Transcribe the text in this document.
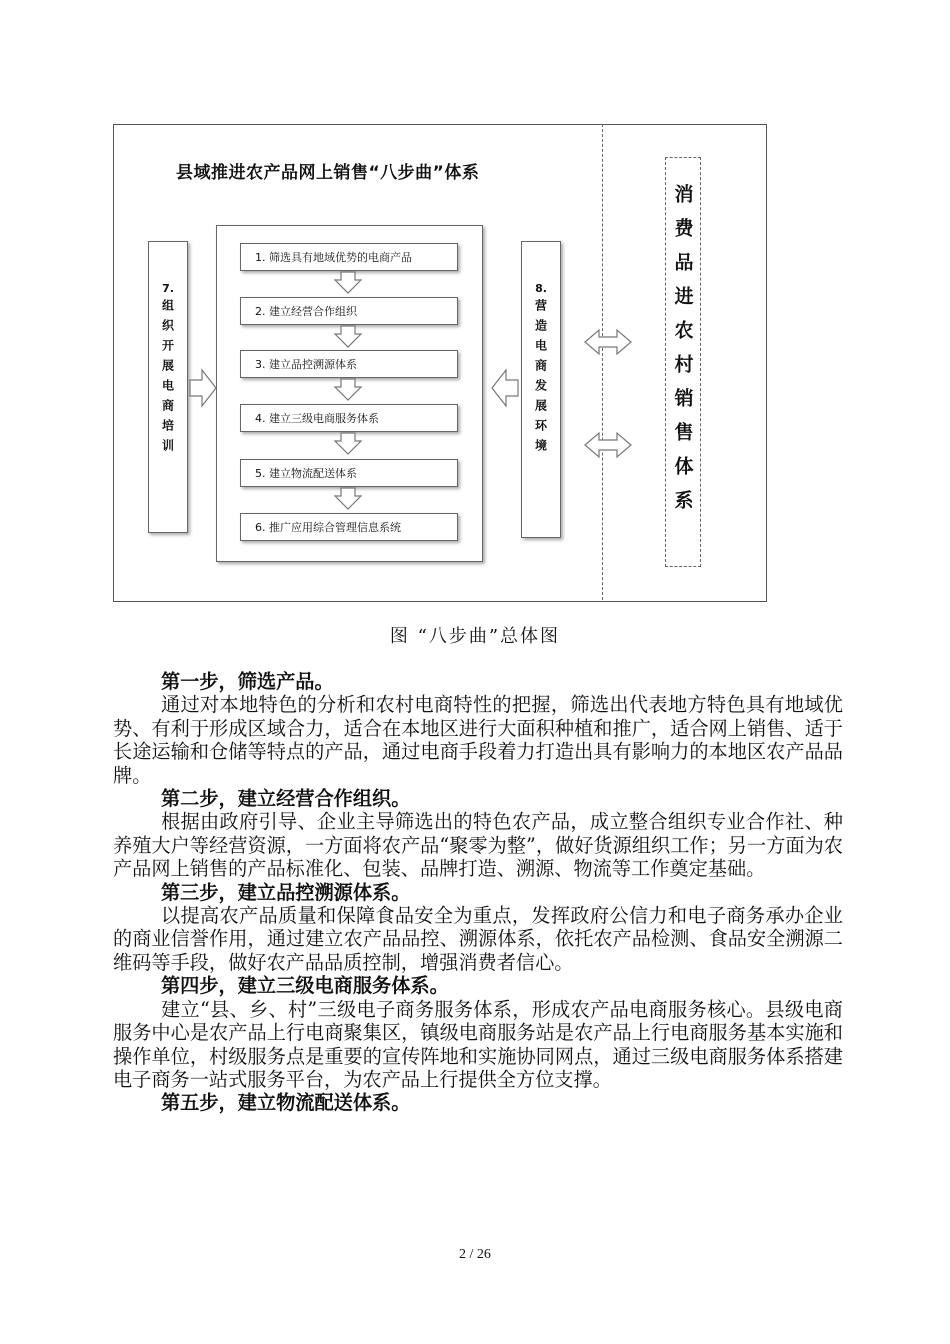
县域推进农产品网上销售“八步曲”体系
7.
组织开展电商培训
1. 筛选具有地域优势的电商产品
2. 建立经营合作组织
3. 建立品控溯源体系
4. 建立三级电商服务体系
5. 建立物流配送体系
6. 推广应用综合管理信息系统
8.
营造电商发展环境	消费品进农村销售体系
图 “八步曲”总体图

第一步，筛选产品。

通过对本地特色的分析和农村电商特性的把握，筛选出代表地方特色具有地域优势、有利于形成区域合力，适合在本地区进行大面积种植和推广，适合网上销售、适于长途运输和仓储等特点的产品，通过电商手段着力打造出具有影响力的本地区农产品品牌。

第二步，建立经营合作组织。

根据由政府引导、企业主导筛选出的特色农产品，成立整合组织专业合作社、种养殖大户等经营资源，一方面将农产品“聚零为整”，做好货源组织工作；另一方面为农产品网上销售的产品标准化、包装、品牌打造、溯源、物流等工作奠定基础。

第三步，建立品控溯源体系。

以提高农产品质量和保障食品安全为重点，发挥政府公信力和电子商务承办企业的商业信誉作用，通过建立农产品品控、溯源体系，依托农产品检测、食品安全溯源二维码等手段，做好农产品品质控制，增强消费者信心。

第四步，建立三级电商服务体系。

建立“县、乡、村”三级电子商务服务体系，形成农产品电商服务核心。县级电商服务中心是农产品上行电商聚集区，镇级电商服务站是农产品上行电商服务基本实施和操作单位，村级服务点是重要的宣传阵地和实施协同网点，通过三级电商服务体系搭建电子商务一站式服务平台，为农产品上行提供全方位支撑。

第五步，建立物流配送体系。

2 / 26
